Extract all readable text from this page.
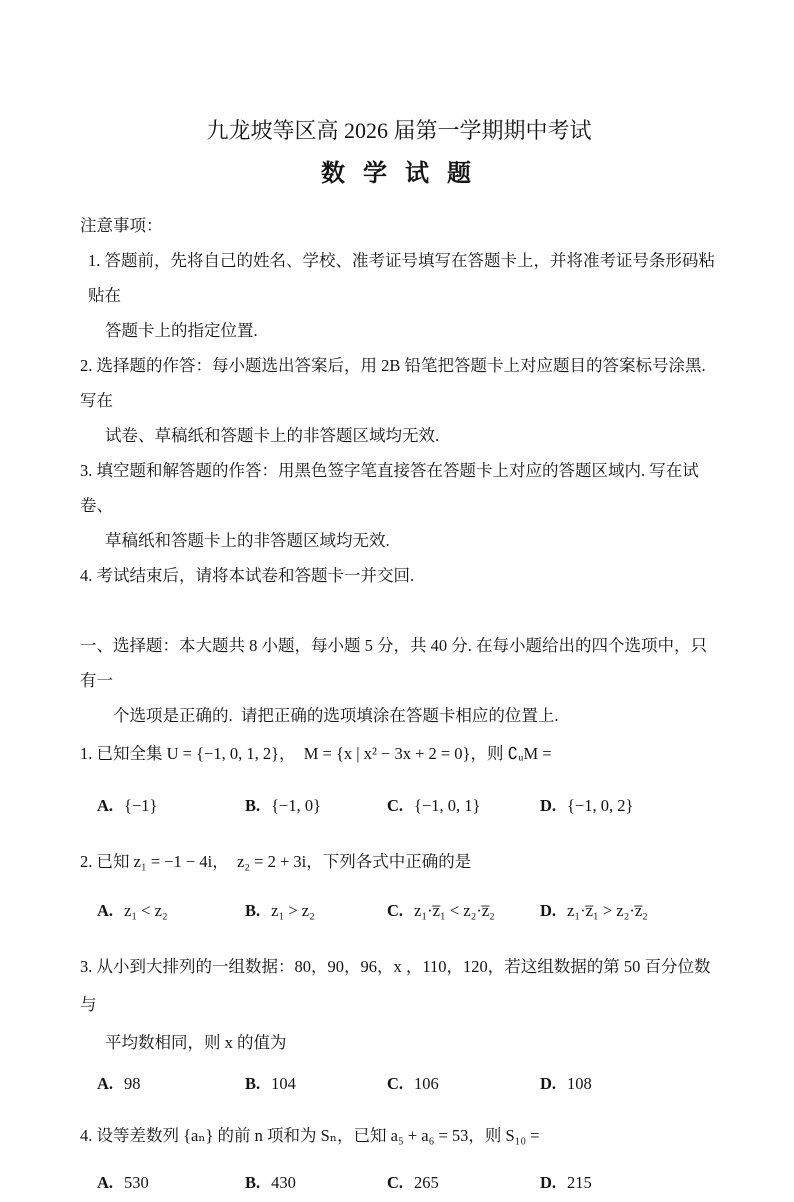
九龙坡等区高 2026 届第一学期期中考试
数 学 试 题
注意事项：
1. 答题前，先将自己的姓名、学校、准考证号填写在答题卡上，并将准考证号条形码粘贴在
答题卡上的指定位置.
2. 选择题的作答：每小题选出答案后，用 2B 铅笔把答题卡上对应题目的答案标号涂黑. 写在
试卷、草稿纸和答题卡上的非答题区域均无效.
3. 填空题和解答题的作答：用黑色签字笔直接答在答题卡上对应的答题区域内. 写在试卷、
草稿纸和答题卡上的非答题区域均无效.
4. 考试结束后，请将本试卷和答题卡一并交回.
一、选择题：本大题共 8 小题，每小题 5 分，共 40 分. 在每小题给出的四个选项中，只有一
个选项是正确的.  请把正确的选项填涂在答题卡相应的位置上.
1. 已知全集 U = {−1, 0, 1, 2}，  M = {x | x² − 3x + 2 = 0}，则 ∁ᵤM =
A. {−1}	B. {−1, 0}	C. {−1, 0, 1}	D. {−1, 0, 2}
2. 已知 z₁ = −1 − 4i，  z₂ = 2 + 3i，下列各式中正确的是
A. z₁ < z₂	B. z₁ > z₂	C. z₁·z̅₁ < z₂·z̅₂	D. z₁·z̅₁ > z₂·z̅₂
3. 从小到大排列的一组数据：80，90，96，x ，110，120，若这组数据的第 50 百分位数与
平均数相同，则 x 的值为
A. 98	B. 104	C. 106	D. 108
4. 设等差数列 {aₙ} 的前 n 项和为 Sₙ，已知 a₅ + a₆ = 53，则 S₁₀ =
A. 530	B. 430	C. 265	D. 215
